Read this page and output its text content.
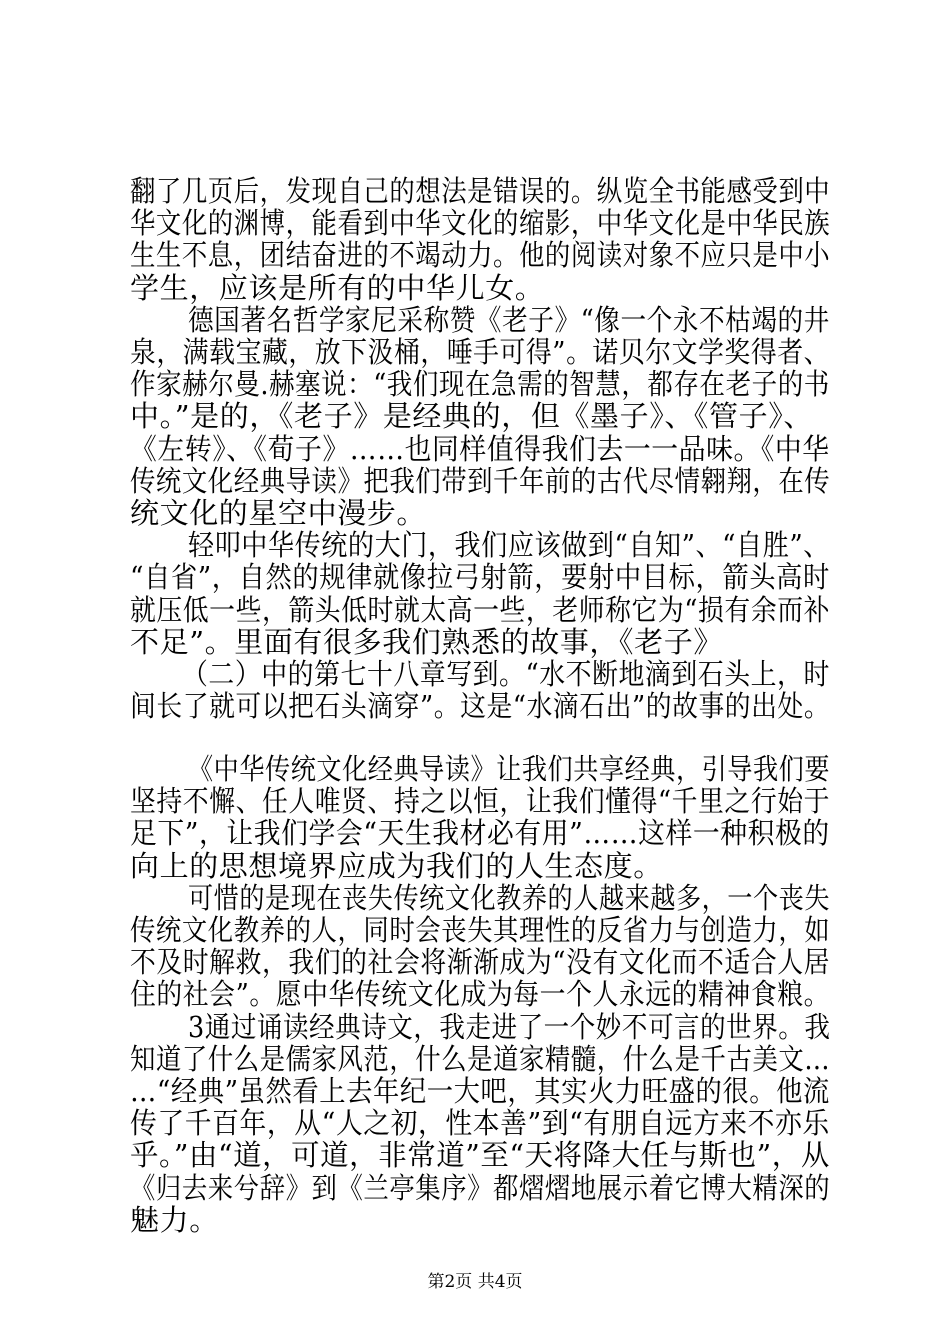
翻了几页后，发现自己的想法是错误的。纵览全书能感受到中
华文化的渊博，能看到中华文化的缩影，中华文化是中华民族
生生不息，团结奋进的不竭动力。他的阅读对象不应只是中小
学生，应该是所有的中华儿女。
德国著名哲学家尼采称赞《老子》“像一个永不枯竭的井
泉，满载宝藏，放下汲桶，唾手可得”。诺贝尔文学奖得者、
作家赫尔曼.赫塞说：“我们现在急需的智慧，都存在老子的书
中。”是的，《老子》是经典的，但《墨子》、《管子》、
《左转》、《荀子》……也同样值得我们去一一品味。《中华
传统文化经典导读》把我们带到千年前的古代尽情翱翔，在传
统文化的星空中漫步。
轻叩中华传统的大门，我们应该做到“自知”、“自胜”、
“自省”，自然的规律就像拉弓射箭，要射中目标，箭头高时
就压低一些，箭头低时就太高一些，老师称它为“损有余而补
不足”。里面有很多我们熟悉的故事，《老子》
（二）中的第七十八章写到。“水不断地滴到石头上，时
间长了就可以把石头滴穿”。这是“水滴石出”的故事的出处。
《中华传统文化经典导读》让我们共享经典，引导我们要
坚持不懈、任人唯贤、持之以恒，让我们懂得“千里之行始于
足下”，让我们学会“天生我材必有用”……这样一种积极的
向上的思想境界应成为我们的人生态度。
可惜的是现在丧失传统文化教养的人越来越多，一个丧失
传统文化教养的人，同时会丧失其理性的反省力与创造力，如
不及时解救，我们的社会将渐渐成为“没有文化而不适合人居
住的社会”。愿中华传统文化成为每一个人永远的精神食粮。
3通过诵读经典诗文，我走进了一个妙不可言的世界。我
知道了什么是儒家风范，什么是道家精髓，什么是千古美文…
…“经典”虽然看上去年纪一大吧，其实火力旺盛的很。他流
传了千百年，从“人之初，性本善”到“有朋自远方来不亦乐
乎。”由“道，可道，非常道”至“天将降大任与斯也”，从
《归去来兮辞》到《兰亭集序》都熠熠地展示着它博大精深的
魅力。
第2页 共4页
